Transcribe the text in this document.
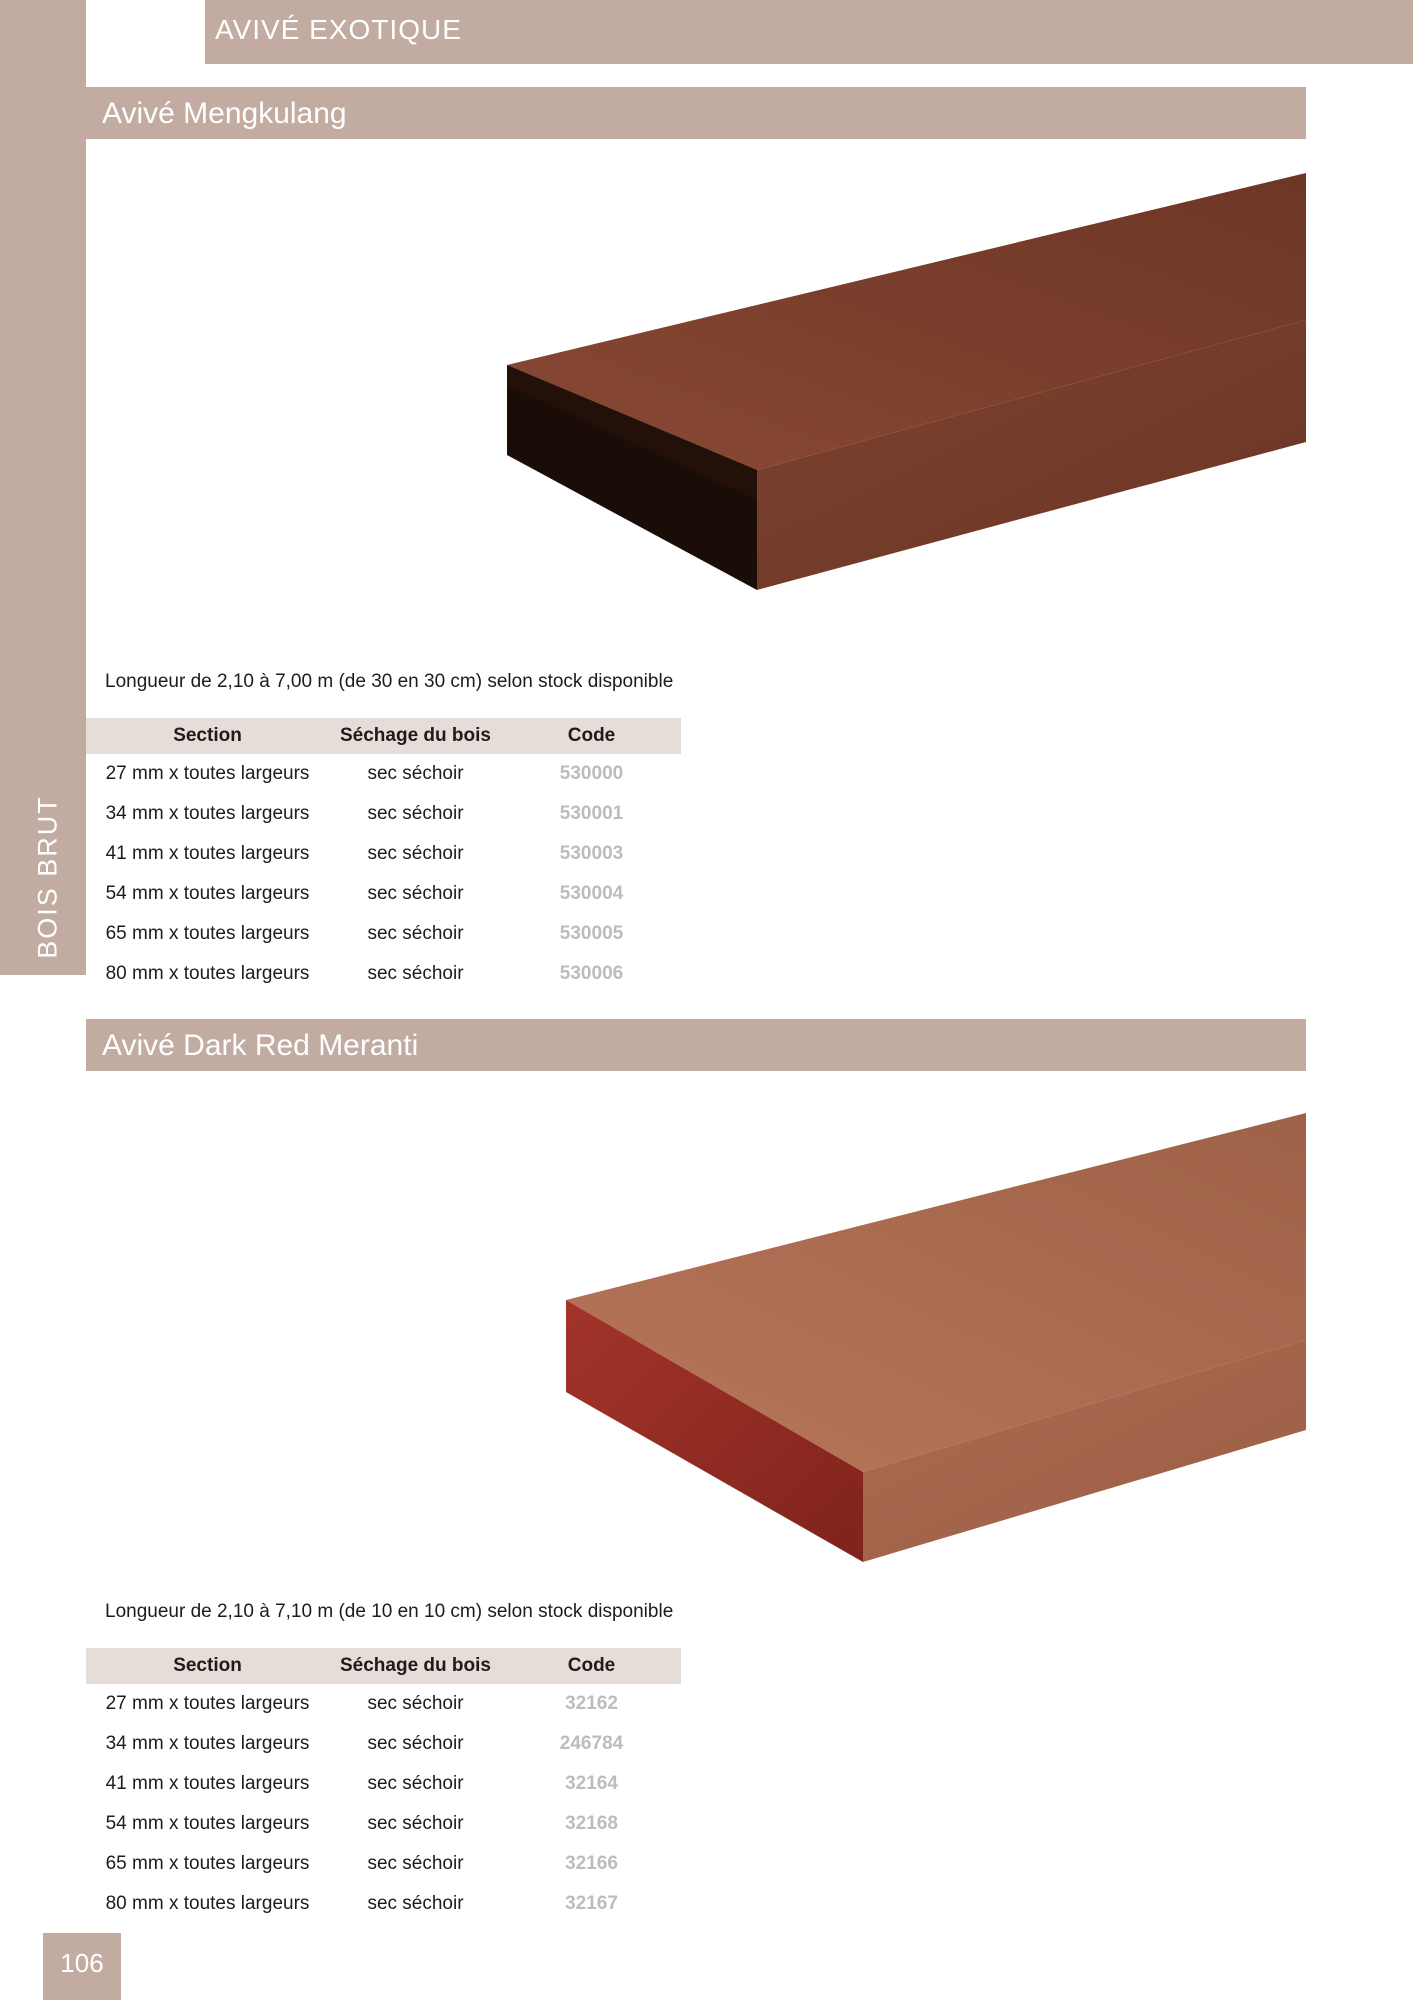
BOIS BRUT
AVIVÉ EXOTIQUE
Avivé Mengkulang
Longueur de 2,10 à 7,00 m (de 30 en 30 cm) selon stock disponible
Section	Séchage du bois	Code
27 mm x toutes largeurs	sec séchoir	530000
34 mm x toutes largeurs	sec séchoir	530001
41 mm x toutes largeurs	sec séchoir	530003
54 mm x toutes largeurs	sec séchoir	530004
65 mm x toutes largeurs	sec séchoir	530005
80 mm x toutes largeurs	sec séchoir	530006
Avivé Dark Red Meranti
Longueur de 2,10 à 7,10 m (de 10 en 10 cm) selon stock disponible
Section	Séchage du bois	Code
27 mm x toutes largeurs	sec séchoir	32162
34 mm x toutes largeurs	sec séchoir	246784
41 mm x toutes largeurs	sec séchoir	32164
54 mm x toutes largeurs	sec séchoir	32168
65 mm x toutes largeurs	sec séchoir	32166
80 mm x toutes largeurs	sec séchoir	32167
106
